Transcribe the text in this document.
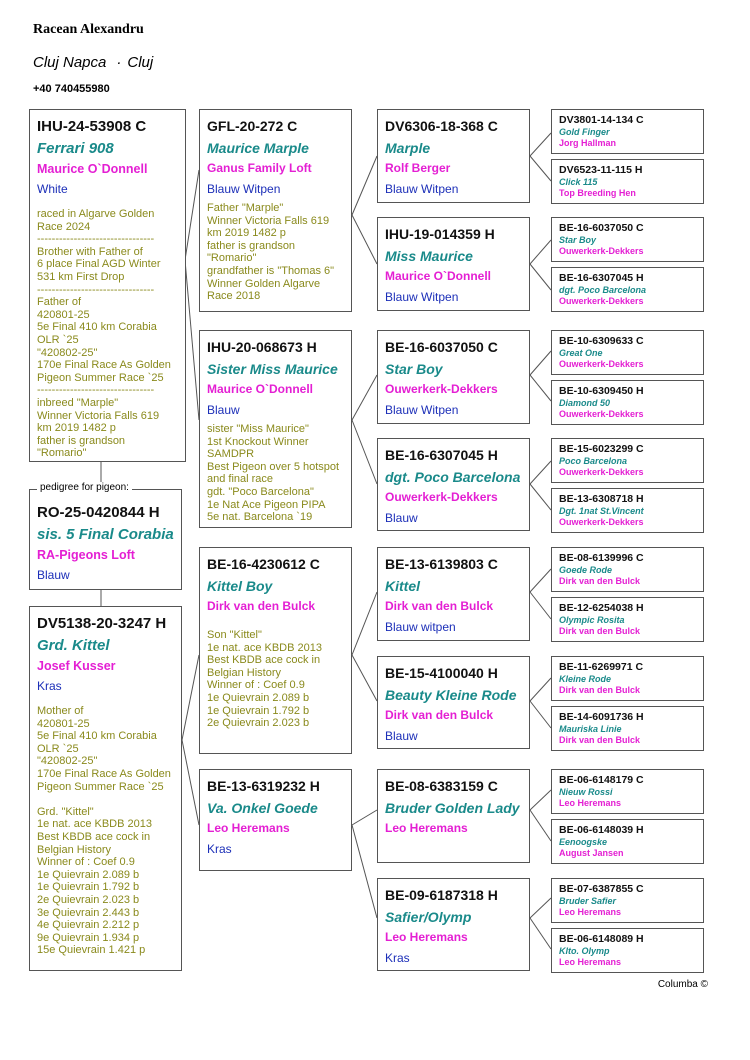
Racean Alexandru
Cluj Napca · Cluj
+40 740455980
IHU-24-53908 C
Ferrari 908
Maurice O`Donnell
White
raced in Algarve Golden
Race 2024
--------------------------------
Brother with Father of
6 place Final AGD Winter
531 km First Drop
--------------------------------
Father of
420801-25
5e Final 410 km Corabia
OLR `25
"420802-25"
170e Final Race As Golden
Pigeon Summer Race `25
--------------------------------
inbreed "Marple"
Winner Victoria Falls 619
km 2019 1482 p
father is grandson
"Romario"
RO-25-0420844 H
sis. 5 Final Corabia
RA-Pigeons Loft
Blauw
pedigree for pigeon:
DV5138-20-3247 H
Grd. Kittel
Josef Kusser
Kras
Mother of
420801-25
5e Final 410 km Corabia
OLR `25
"420802-25"
170e Final Race As Golden
Pigeon Summer Race `25

Grd. "Kittel"
1e nat. ace KBDB 2013
Best KBDB ace cock in
Belgian History
Winner of : Coef 0.9
1e Quievrain 2.089 b
1e Quievrain 1.792 b
2e Quievrain 2.023 b
3e Quievrain 2.443 b
4e Quievrain 2.212 p
9e Quievrain 1.934 p
15e Quievrain 1.421 p
GFL-20-272 C
Maurice Marple
Ganus Family Loft
Blauw Witpen
Father "Marple"
Winner Victoria Falls 619
km 2019 1482 p
father is grandson
"Romario"
grandfather is "Thomas 6"
Winner Golden Algarve
Race 2018
IHU-20-068673 H
Sister Miss Maurice
Maurice O`Donnell
Blauw
sister "Miss Maurice"
1st Knockout Winner
SAMDPR
Best Pigeon over 5 hotspot
and final race
gdt. "Poco Barcelona"
1e Nat Ace Pigeon PIPA
5e nat. Barcelona `19
BE-16-4230612 C
Kittel Boy
Dirk van den Bulck
Son "Kittel"
1e nat. ace KBDB 2013
Best KBDB ace cock in
Belgian History
Winner of : Coef 0.9
1e Quievrain 2.089 b
1e Quievrain 1.792 b
2e Quievrain 2.023 b
BE-13-6319232 H
Va. Onkel Goede
Leo Heremans
Kras
DV6306-18-368 C
Marple
Rolf Berger
Blauw Witpen
IHU-19-014359 H
Miss Maurice
Maurice O`Donnell
Blauw Witpen
BE-16-6037050 C
Star Boy
Ouwerkerk-Dekkers
Blauw Witpen
BE-16-6307045 H
dgt. Poco Barcelona
Ouwerkerk-Dekkers
Blauw
BE-13-6139803 C
Kittel
Dirk van den Bulck
Blauw witpen
BE-15-4100040 H
Beauty Kleine Rode
Dirk van den Bulck
Blauw
BE-08-6383159 C
Bruder Golden Lady
Leo Heremans
BE-09-6187318 H
Safier/Olymp
Leo Heremans
Kras
DV3801-14-134 C
Gold Finger
Jorg Hallman
DV6523-11-115 H
Click 115
Top Breeding Hen
BE-16-6037050 C
Star Boy
Ouwerkerk-Dekkers
BE-16-6307045 H
dgt. Poco Barcelona
Ouwerkerk-Dekkers
BE-10-6309633 C
Great One
Ouwerkerk-Dekkers
BE-10-6309450 H
Diamond 50
Ouwerkerk-Dekkers
BE-15-6023299 C
Poco Barcelona
Ouwerkerk-Dekkers
BE-13-6308718 H
Dgt. 1nat St.Vincent
Ouwerkerk-Dekkers
BE-08-6139996 C
Goede Rode
Dirk van den Bulck
BE-12-6254038 H
Olympic Rosita
Dirk van den Bulck
BE-11-6269971 C
Kleine Rode
Dirk van den Bulck
BE-14-6091736 H
Mauriska Linie
Dirk van den Bulck
BE-06-6148179 C
Nieuw Rossi
Leo Heremans
BE-06-6148039 H
Eenoogske
August Jansen
BE-07-6387855 C
Bruder Safier
Leo Heremans
BE-06-6148089 H
Klto. Olymp
Leo Heremans
Columba ©
